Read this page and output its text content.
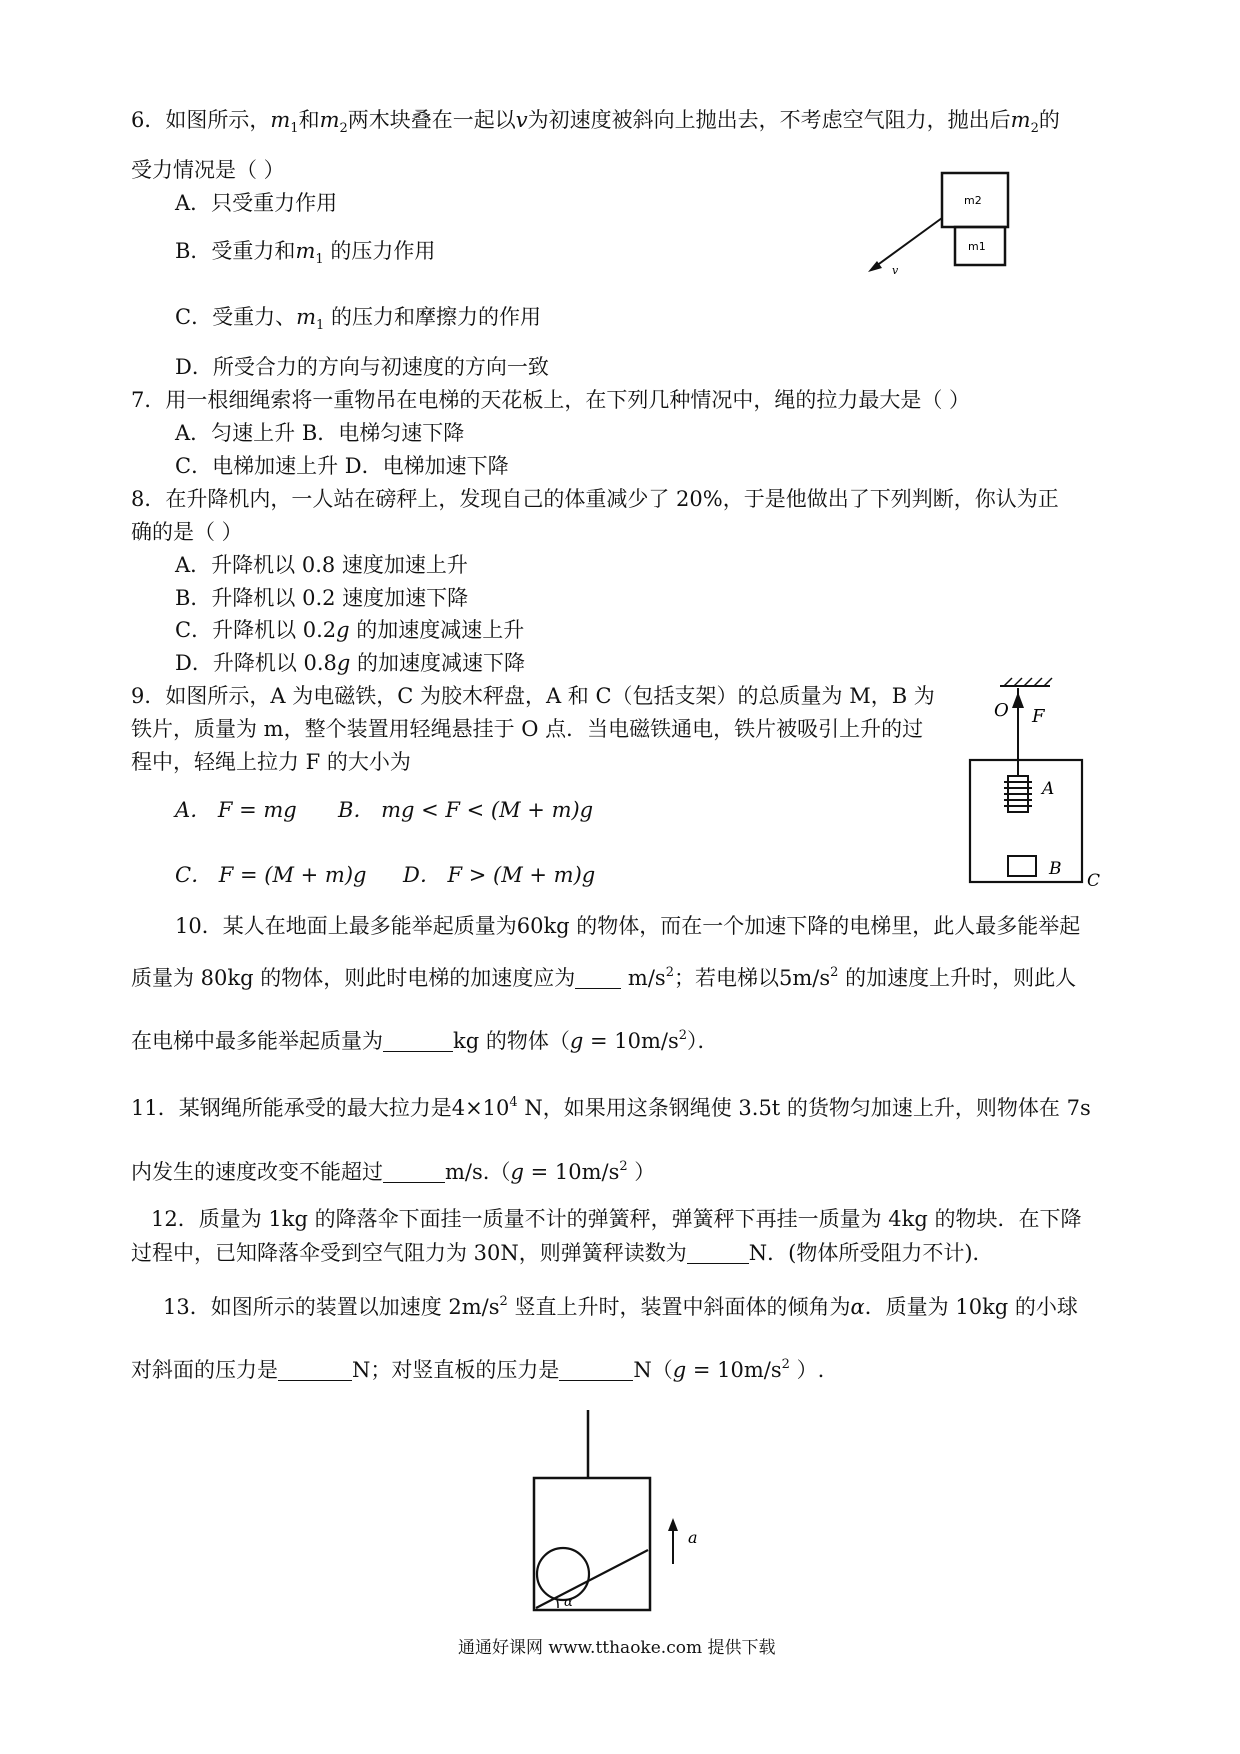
6．如图所示，$m_1$和$m_2$两木块叠在一起以v为初速度被斜向上抛出去，不考虑空气阻力，抛出后$m_2$的
受力情况是（ ）
A．只受重力作用
B．受重力和$m_1$ 的压力作用
C．受重力、$m_1$ 的压力和摩擦力的作用
D．所受合力的方向与初速度的方向一致
m2
m1
v
7．用一根细绳索将一重物吊在电梯的天花板上，在下列几种情况中，绳的拉力最大是（ ）
A．匀速上升 B．电梯匀速下降
C．电梯加速上升 D．电梯加速下降
8．在升降机内，一人站在磅秤上，发现自己的体重减少了 20%，于是他做出了下列判断，你认为正
确的是（ ）
A．升降机以 0.8 速度加速上升
B．升降机以 0.2 速度加速下降
C．升降机以 0.2g 的加速度减速上升
D．升降机以 0.8g 的加速度减速下降
9．如图所示，A 为电磁铁，C 为胶木秤盘，A 和 C（包括支架）的总质量为 M，B 为
铁片，质量为 m，整个装置用轻绳悬挂于 O 点．当电磁铁通电，铁片被吸引上升的过
程中，轻绳上拉力 F 的大小为
A． F = mg B． mg < F < (M + m)g
C． F = (M + m)g D． F > (M + m)g
O F
A
B
C
10．某人在地面上最多能举起质量为60kg 的物体，而在一个加速下降的电梯里，此人最多能举起
质量为 80kg 的物体，则此时电梯的加速度应为 $m/s^2$；若电梯以$5m/s^2$ 的加速度上升时，则此人
在电梯中最多能举起质量为	kg 的物体$(g = 10m/s^2)$．
11．某钢绳所能承受的最大拉力是$4\times 10^4$ N，如果用这条钢绳使 3.5t 的货物匀加速上升，则物体在 7s
内发生的速度改变不能超过	$m/s.(g = 10m/s^2$ ）
12．质量为 1kg 的降落伞下面挂一质量不计的弹簧秤，弹簧秤下再挂一质量为 4kg 的物块．在下降
过程中，已知降落伞受到空气阻力为 30N，则弹簧秤读数为	N．(物体所受阻力不计)．
13．如图所示的装置以加速度 $2m/s^2$ 竖直上升时，装置中斜面体的倾角为α．质量为 10kg 的小球
对斜面的压力是	N；对竖直板的压力是	$N(g = 10m/s^2$ ）.
α
a
通通好课网 www.tthaoke.com 提供下载
